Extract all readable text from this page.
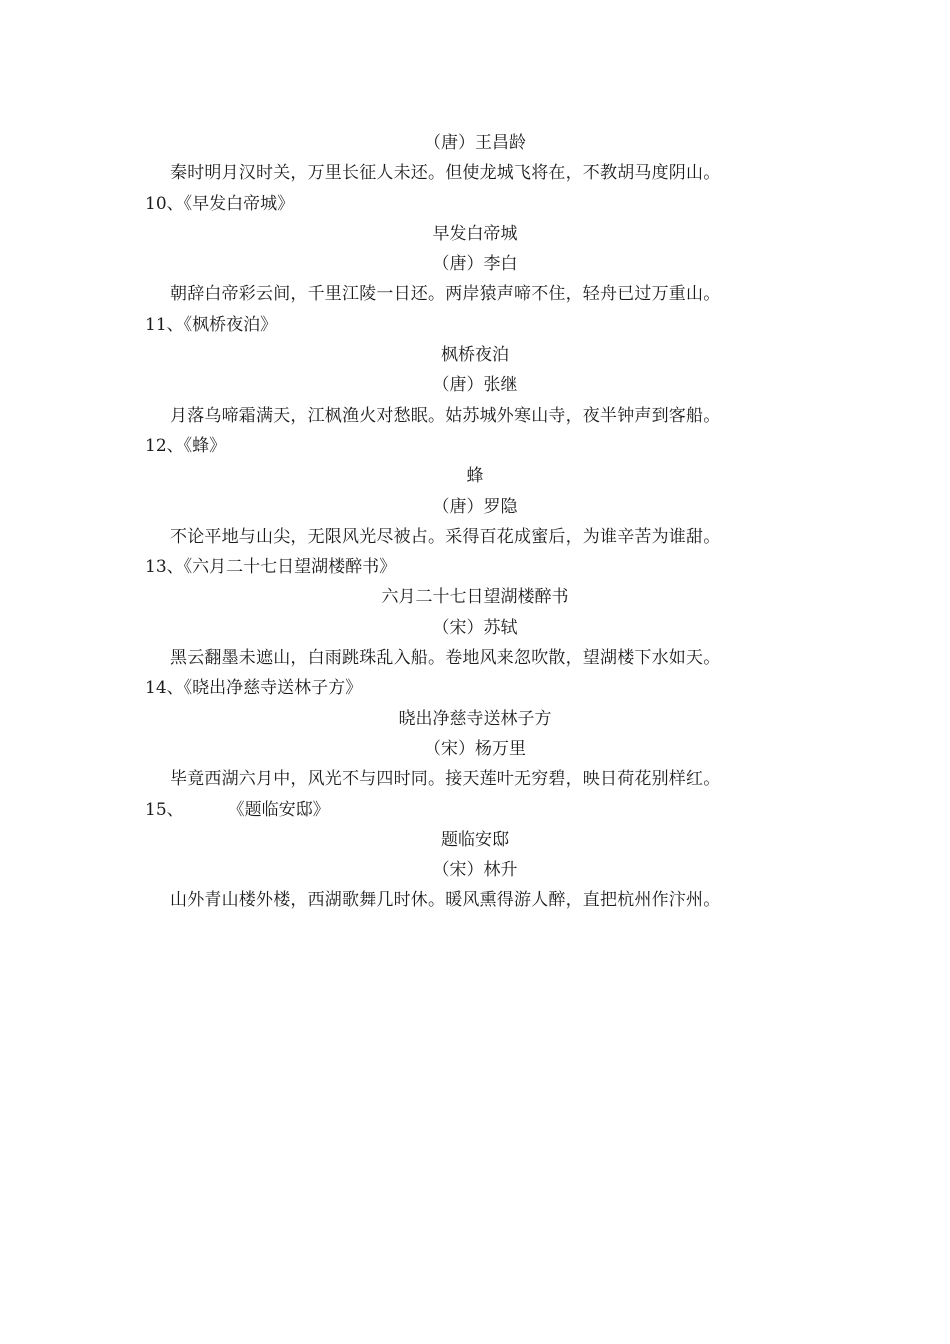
（唐）王昌龄
秦时明月汉时关，万里长征人未还。但使龙城飞将在，不教胡马度阴山。
10、《早发白帝城》
早发白帝城
（唐）李白
朝辞白帝彩云间，千里江陵一日还。两岸猿声啼不住，轻舟已过万重山。
11、《枫桥夜泊》
枫桥夜泊
（唐）张继
月落乌啼霜满天，江枫渔火对愁眠。姑苏城外寒山寺，夜半钟声到客船。
12、《蜂》
蜂
（唐）罗隐
不论平地与山尖，无限风光尽被占。采得百花成蜜后，为谁辛苦为谁甜。
13、《六月二十七日望湖楼醉书》
六月二十七日望湖楼醉书
（宋）苏轼
黑云翻墨未遮山，白雨跳珠乱入船。卷地风来忽吹散，望湖楼下水如天。
14、《晓出净慈寺送林子方》
晓出净慈寺送林子方
（宋）杨万里
毕竟西湖六月中，风光不与四时同。接天莲叶无穷碧，映日荷花别样红。
15、	《题临安邸》
题临安邸
（宋）林升
山外青山楼外楼，西湖歌舞几时休。暖风熏得游人醉，直把杭州作汴州。
